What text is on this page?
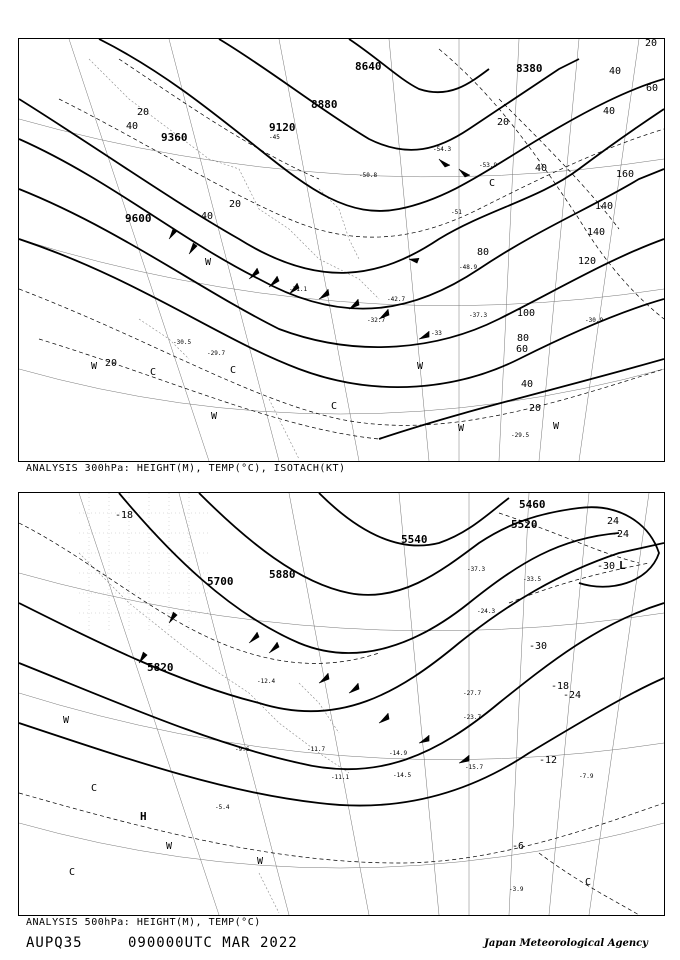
9360
9600
9120
8880
8640	8380
20
40
20
20
40
20
40
40
40
60
60
80
80
100
120
140
140
160
40
20
20
W
W
C	C
W
C
W
W	W
C
-29.5
-30.9
-32.7
-45
-51
-54.3
-53.9
-48.9
-42.7
-50.8
-37.3
-33
-31.1
-29.7
-30.5
ANALYSIS 300hPa: HEIGHT(M), TEMP(°C), ISOTACH(KT)
5700
5880
5460
5520
5820
5540
-18
-24
-24
-30
-30
-18
-12
-6
24
W
C
C
H
W
W
C
L
-15.7
-14.9
-14.5	-7.9
-5.4
-3.9
-27.7
-23.7
-24.3
-37.3
-33.5
-11.1
-11.7
-12.4
-9.6
ANALYSIS 500hPa: HEIGHT(M), TEMP(°C)
AUPQ35	090000UTC MAR 2022	Japan Meteorological Agency
